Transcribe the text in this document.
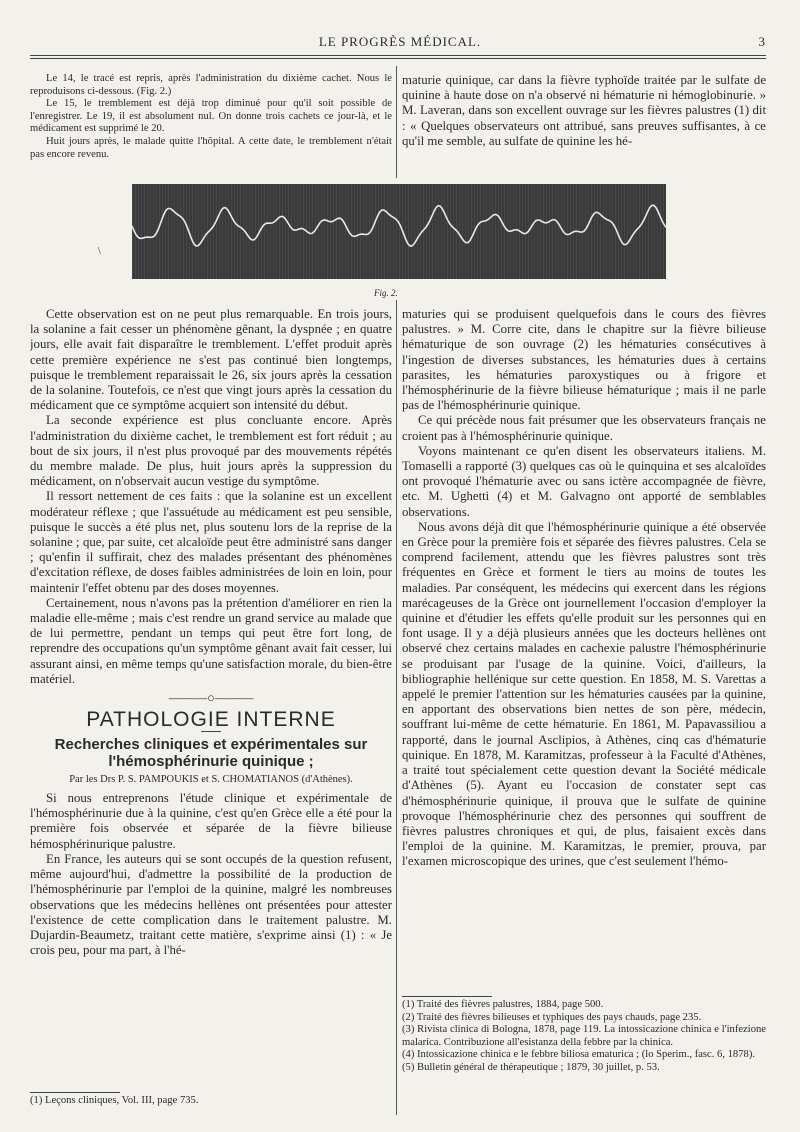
LE PROGRÈS MÉDICAL.	3

Le 14, le tracé est repris, après l'administration du dixième cachet. Nous le reproduisons ci-dessous. (Fig. 2.)

Le 15, le tremblement est déjà trop diminué pour qu'il soit possible de l'enregistrer. Le 19, il est absolument nul. On donne trois cachets ce jour-là, et le médicament est supprimé le 20.

Huit jours après, le malade quitte l'hôpital. A cette date, le tremblement n'était pas encore revenu.

maturie quinique, car dans la fièvre typhoïde traitée par le sulfate de quinine à haute dose on n'a observé ni hématurie ni hémoglobinurie. » M. Laveran, dans son excellent ouvrage sur les fièvres palustres (1) dit : « Quelques observateurs ont attribué, sans preuves suffisantes, à ce qu'il me semble, au sulfate de quinine les hé-

\
Fig. 2.

Cette observation est on ne peut plus remarquable. En trois jours, la solanine a fait cesser un phénomène gênant, la dyspnée ; en quatre jours, elle avait fait disparaître le tremblement. L'effet produit après cette première expérience ne s'est pas continué bien longtemps, puisque le tremblement reparaissait le 26, six jours après la cessation de la solanine. Toutefois, ce n'est que vingt jours après la cessation du médicament que ce symptôme acquiert son intensité du début.

La seconde expérience est plus concluante encore. Après l'administration du dixième cachet, le tremblement est fort réduit ; au bout de six jours, il n'est plus provoqué par des mouvements répétés du membre malade. De plus, huit jours après la suppression du médicament, on n'observait aucun vestige du symptôme.

Il ressort nettement de ces faits : que la solanine est un excellent modérateur réflexe ; que l'assuétude au médicament est peu sensible, puisque le succès a été plus net, plus soutenu lors de la reprise de la solanine ; que, par suite, cet alcaloïde peut être administré sans danger ; qu'enfin il suffirait, chez des malades présentant des phénomènes d'excitation réflexe, de doses faibles administrées de loin en loin, pour maintenir l'effet obtenu par des doses moyennes.

Certainement, nous n'avons pas la prétention d'améliorer en rien la maladie elle-même ; mais c'est rendre un grand service au malade que de lui permettre, pendant un temps qui peut être fort long, de reprendre des occupations qu'un symptôme gênant avait fait cesser, lui assurant ainsi, en même temps qu'une satisfaction morale, du bien-être matériel.

———○———
PATHOLOGIE INTERNE
Recherches cliniques et expérimentales sur l'hémosphérinurie quinique ;
Par les Drs P. S. PAMPOUKIS et S. CHOMATIANOS (d'Athènes).

Si nous entreprenons l'étude clinique et expérimentale de l'hémosphérinurie due à la quinine, c'est qu'en Grèce elle a été pour la première fois observée et séparée de la fièvre bilieuse hémosphérinurique palustre.

En France, les auteurs qui se sont occupés de la question refusent, même aujourd'hui, d'admettre la possibilité de la production de l'hémosphérinurie par l'emploi de la quinine, malgré les nombreuses observations que les médecins hellènes ont présentées pour attester l'existence de cette complication dans le traitement palustre. M. Dujardin-Beaumetz, traitant cette matière, s'exprime ainsi (1) : « Je crois peu, pour ma part, à l'hé-

(1) Leçons cliniques, Vol. III, page 735.

maturies qui se produisent quelquefois dans le cours des fièvres palustres. » M. Corre cite, dans le chapitre sur la fièvre bilieuse hématurique de son ouvrage (2) les hématuries consécutives à l'ingestion de diverses substances, les hématuries dues à certains parasites, les hématuries paroxystiques ou à frigore et l'hémosphérinurie de la fièvre bilieuse hématurique ; mais il ne parle pas de l'hémosphérinurie quinique.

Ce qui précède nous fait présumer que les observateurs français ne croient pas à l'hémosphérinurie quinique.

Voyons maintenant ce qu'en disent les observateurs italiens. M. Tomaselli a rapporté (3) quelques cas où le quinquina et ses alcaloïdes ont provoqué l'hématurie avec ou sans ictère accompagnée de fièvre, etc. M. Ughetti (4) et M. Galvagno ont apporté de semblables observations.

Nous avons déjà dit que l'hémosphérinurie quinique a été observée en Grèce pour la première fois et séparée des fièvres palustres. Cela se comprend facilement, attendu que les fièvres palustres sont très fréquentes en Grèce et forment le tiers au moins de toutes les maladies. Par conséquent, les médecins qui exercent dans les régions marécageuses de la Grèce ont journellement l'occasion d'employer la quinine et d'étudier les effets qu'elle produit sur les personnes qui en font usage. Il y a déjà plusieurs années que les docteurs hellènes ont observé chez certains malades en cachexie palustre l'hémosphérinurie se produisant par l'usage de la quinine. Voici, d'ailleurs, la bibliographie hellénique sur cette question. En 1858, M. S. Varettas a appelé le premier l'attention sur les hématuries causées par la quinine, en apportant des observations bien nettes de son père, médecin, souffrant lui-même de cette hématurie. En 1861, M. Papavassiliou a rapporté, dans le journal Asclipios, à Athènes, cinq cas d'hématurie quinique. En 1878, M. Karamitzas, professeur à la Faculté d'Athènes, a traité tout spécialement cette question devant la Société médicale d'Athènes (5). Ayant eu l'occasion de constater sept cas d'hémosphérinurie quinique, il prouva que le sulfate de quinine provoque l'hémosphérinurie chez des personnes qui souffrent de fièvres palustres chroniques et qui, de plus, faisaient excès dans l'emploi de la quinine. M. Karamitzas, le premier, prouva, par l'examen microscopique des urines, que c'est seulement l'hémo-

(1) Traité des fièvres palustres, 1884, page 500.

(2) Traité des fièvres bilieuses et typhiques des pays chauds, page 235.

(3) Rivista clinica di Bologna, 1878, page 119. La intossicazione chinica e l'infezione malarica. Contribuzione all'esistanza della febbre par la chinica.

(4) Intossicazione chinica e le febbre biliosa ematurica ; (lo Sperim., fasc. 6, 1878).

(5) Bulletin général de thérapeutique ; 1879, 30 juillet, p. 53.
